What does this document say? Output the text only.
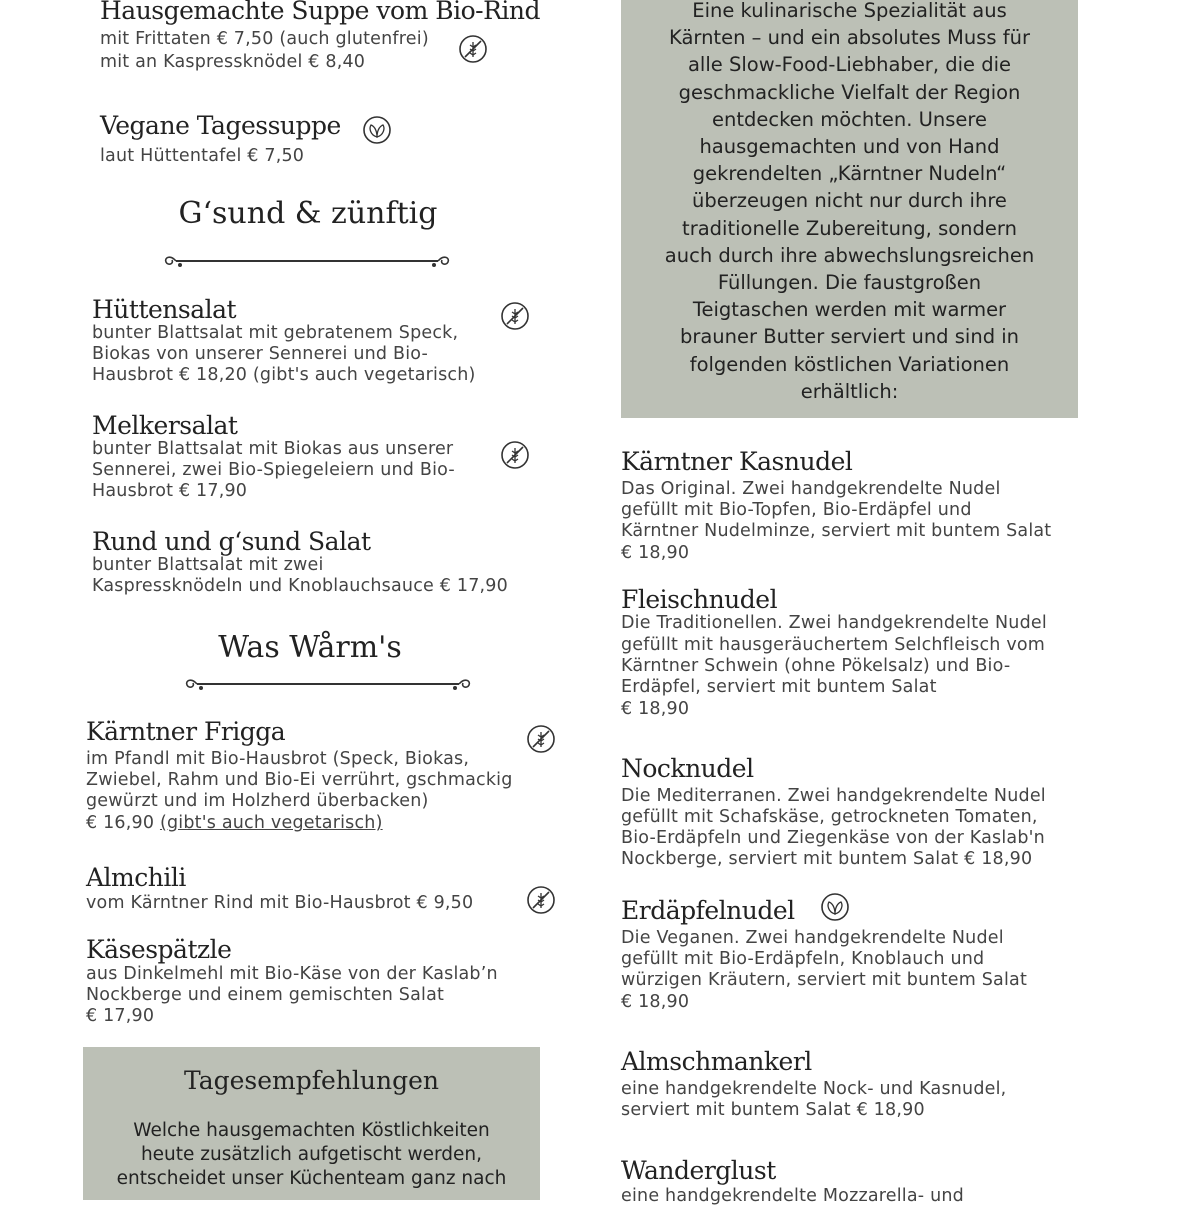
Hausgemachte Suppe vom Bio-Rind
mit Frittaten € 7,50 (auch glutenfrei)
mit an Kaspressknödel € 8,40
Vegane Tagessuppe
laut Hüttentafel € 7,50
G‘sund & zünftig
Hüttensalat
bunter Blattsalat mit gebratenem Speck,
Biokas von unserer Sennerei und Bio-
Hausbrot € 18,20 (gibt's auch vegetarisch)
Melkersalat
bunter Blattsalat mit Biokas aus unserer
Sennerei, zwei Bio-Spiegeleiern und Bio-
Hausbrot € 17,90
Rund und g‘sund Salat
bunter Blattsalat mit zwei
Kaspressknödeln und Knoblauchsauce € 17,90
Was Wårm's
Kärntner Frigga
im Pfandl mit Bio-Hausbrot (Speck, Biokas,
Zwiebel, Rahm und Bio-Ei verrührt, gschmackig
gewürzt und im Holzherd überbacken)
€ 16,90 (gibt's auch vegetarisch)
Almchili
vom Kärntner Rind mit Bio-Hausbrot € 9,50
Käsespätzle
aus Dinkelmehl mit Bio-Käse von der Kaslab’n
Nockberge und einem gemischten Salat
€ 17,90
Tagesempfehlungen
Welche hausgemachten Köstlichkeiten
heute zusätzlich aufgetischt werden,
entscheidet unser Küchenteam ganz nach
Eine kulinarische Spezialität aus
Kärnten – und ein absolutes Muss für
alle Slow-Food-Liebhaber, die die
geschmackliche Vielfalt der Region
entdecken möchten. Unsere
hausgemachten und von Hand
gekrendelten „Kärntner Nudeln“
überzeugen nicht nur durch ihre
traditionelle Zubereitung, sondern
auch durch ihre abwechslungsreichen
Füllungen. Die faustgroßen
Teigtaschen werden mit warmer
brauner Butter serviert und sind in
folgenden köstlichen Variationen
erhältlich:
Kärntner Kasnudel
Das Original. Zwei handgekrendelte Nudel
gefüllt mit Bio-Topfen, Bio-Erdäpfel und
Kärntner Nudelminze, serviert mit buntem Salat
€ 18,90
Fleischnudel
Die Traditionellen. Zwei handgekrendelte Nudel
gefüllt mit hausgeräuchertem Selchfleisch vom
Kärntner Schwein (ohne Pökelsalz) und Bio-
Erdäpfel, serviert mit buntem Salat
€ 18,90
Nocknudel
Die Mediterranen. Zwei handgekrendelte Nudel
gefüllt mit Schafskäse, getrockneten Tomaten,
Bio-Erdäpfeln und Ziegenkäse von der Kaslab'n
Nockberge, serviert mit buntem Salat € 18,90
Erdäpfelnudel
Die Veganen. Zwei handgekrendelte Nudel
gefüllt mit Bio-Erdäpfeln, Knoblauch und
würzigen Kräutern, serviert mit buntem Salat
€ 18,90
Almschmankerl
eine handgekrendelte Nock- und Kasnudel,
serviert mit buntem Salat € 18,90
Wanderglust
eine handgekrendelte Mozzarella- und
